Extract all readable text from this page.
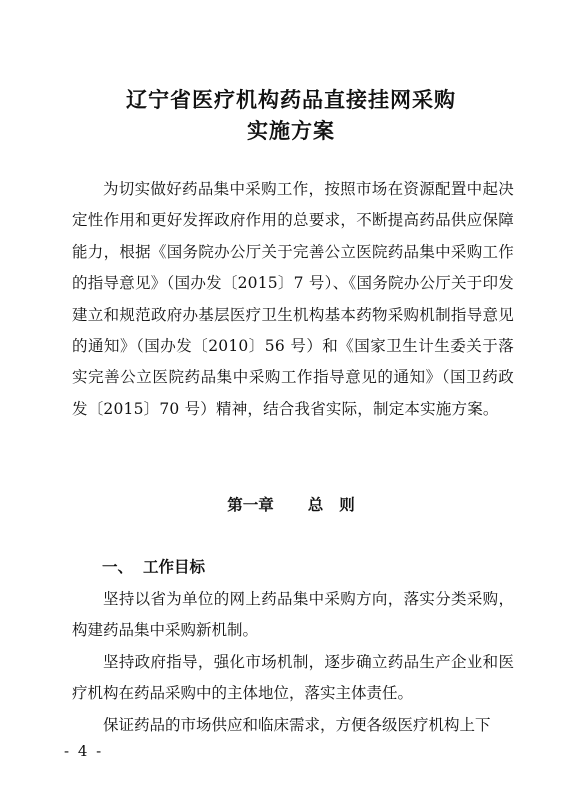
辽宁省医疗机构药品直接挂网采购
实施方案
为切实做好药品集中采购工作，按照市场在资源配置中起决定性作用和更好发挥政府作用的总要求，不断提高药品供应保障能力，根据《国务院办公厅关于完善公立医院药品集中采购工作的指导意见》（国办发〔2015〕7 号）、《国务院办公厅关于印发建立和规范政府办基层医疗卫生机构基本药物采购机制指导意见的通知》（国办发〔2010〕56 号）和《国家卫生计生委关于落实完善公立医院药品集中采购工作指导意见的通知》（国卫药政发〔2015〕70 号）精神，结合我省实际，制定本实施方案。
第一章 总 则
一、 工作目标
坚持以省为单位的网上药品集中采购方向，落实分类采购，构建药品集中采购新机制。
坚持政府指导，强化市场机制，逐步确立药品生产企业和医疗机构在药品采购中的主体地位，落实主体责任。
保证药品的市场供应和临床需求，方便各级医疗机构上下
- 4 -
